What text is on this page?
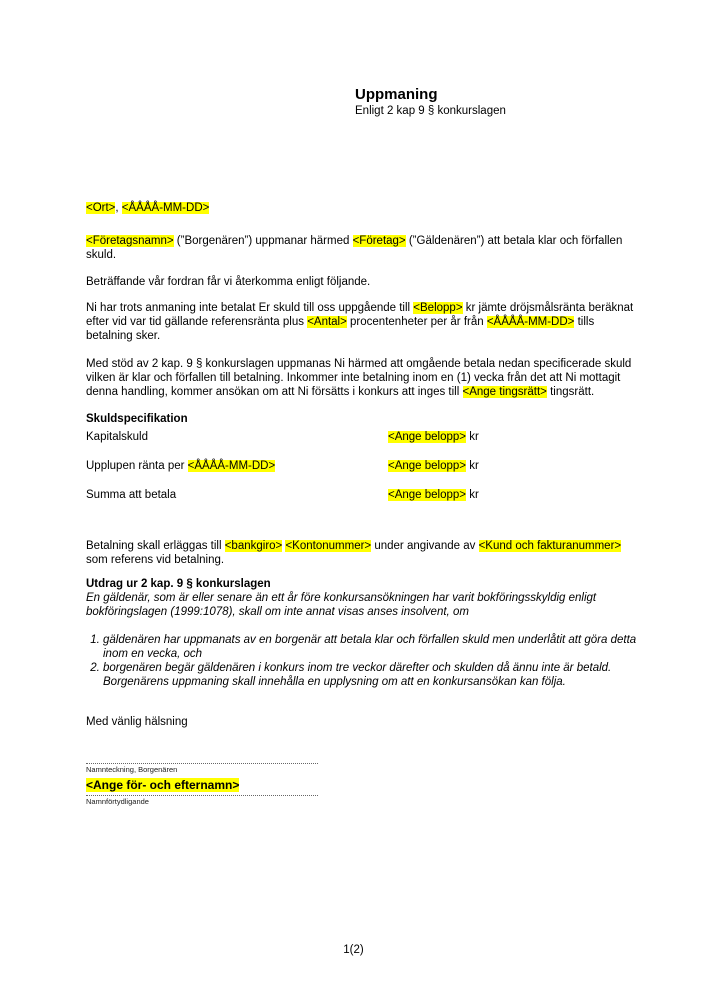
Uppmaning
Enligt 2 kap 9 § konkurslagen

<Ort>, <ÅÅÅÅ-MM-DD>

<Företagsnamn> (”Borgenären”) uppmanar härmed <Företag> (”Gäldenären”) att betala klar och förfallen skuld.

Beträffande vår fordran får vi återkomma enligt följande.

Ni har trots anmaning inte betalat Er skuld till oss uppgående till <Belopp> kr jämte dröjsmålsränta beräknat efter vid var tid gällande referensränta plus <Antal> procentenheter per år från <ÅÅÅÅ-MM-DD> tills betalning sker.

Med stöd av 2 kap. 9 § konkurslagen uppmanas Ni härmed att omgående betala nedan specificerade skuld vilken är klar och förfallen till betalning. Inkommer inte betalning inom en (1) vecka från det att Ni mottagit denna handling, kommer ansökan om att Ni försätts i konkurs att inges till <Ange tingsrätt> tingsrätt.

Skuldspecifikation
Kapitalskuld	<Ange belopp> kr
Upplupen ränta per <ÅÅÅÅ-MM-DD>	<Ange belopp> kr
Summa att betala	<Ange belopp> kr

Betalning skall erläggas till <bankgiro> <Kontonummer> under angivande av <Kund och fakturanummer> som referens vid betalning.

Utdrag ur 2 kap. 9 § konkurslagen

En gäldenär, som är eller senare än ett år före konkursansökningen har varit bokföringsskyldig enligt bokföringslagen (1999:1078), skall om inte annat visas anses insolvent, om

1. gäldenären har uppmanats av en borgenär att betala klar och förfallen skuld men underlåtit att göra detta inom en vecka, och
2. borgenären begär gäldenären i konkurs inom tre veckor därefter och skulden då ännu inte är betald. Borgenärens uppmaning skall innehålla en upplysning om att en konkursansökan kan följa.

Med vänlig hälsning

Namnteckning, Borgenären
<Ange för- och efternamn>
Namnförtydligande
1(2)
